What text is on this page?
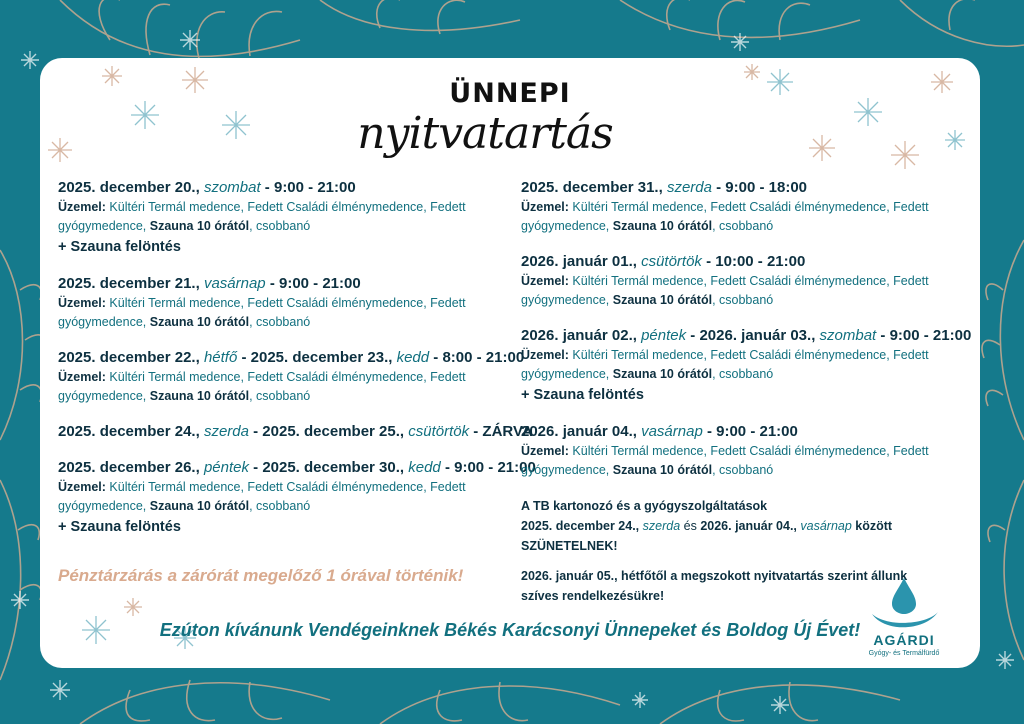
ÜNNEPI
nyitvatartás
2025. december 20., szombat - 9:00 - 21:00
Üzemel: Kültéri Termál medence, Fedett Családi élménymedence, Fedett gyógymedence, Szauna 10 órától, csobbanó
+ Szauna felöntés
2025. december 21., vasárnap - 9:00 - 21:00
Üzemel: Kültéri Termál medence, Fedett Családi élménymedence, Fedett gyógymedence, Szauna 10 órától, csobbanó
2025. december 22., hétfő - 2025. december 23., kedd - 8:00 - 21:00
Üzemel: Kültéri Termál medence, Fedett Családi élménymedence, Fedett gyógymedence, Szauna 10 órától, csobbanó
2025. december 24., szerda - 2025. december 25., csütörtök - ZÁRVA
2025. december 26., péntek - 2025. december 30., kedd - 9:00 - 21:00
Üzemel: Kültéri Termál medence, Fedett Családi élménymedence, Fedett gyógymedence, Szauna 10 órától, csobbanó
+ Szauna felöntés
Pénztárzárás a zárórát megelőző 1 órával történik!
2025. december 31., szerda - 9:00 - 18:00
Üzemel: Kültéri Termál medence, Fedett Családi élménymedence, Fedett gyógymedence, Szauna 10 órától, csobbanó
2026. január 01., csütörtök - 10:00 - 21:00
Üzemel: Kültéri Termál medence, Fedett Családi élménymedence, Fedett gyógymedence, Szauna 10 órától, csobbanó
2026. január 02., péntek - 2026. január 03., szombat - 9:00 - 21:00
Üzemel: Kültéri Termál medence, Fedett Családi élménymedence, Fedett gyógymedence, Szauna 10 órától, csobbanó
+ Szauna felöntés
2026. január 04., vasárnap - 9:00 - 21:00
Üzemel: Kültéri Termál medence, Fedett Családi élménymedence, Fedett gyógymedence, Szauna 10 órától, csobbanó
A TB kartonozó és a gyógyszolgáltatások
2025. december 24., szerda és 2026. január 04., vasárnap között SZÜNETELNEK!
2026. január 05., hétfőtől a megszokott nyitvatartás szerint állunk szíves rendelkezésükre!
Ezúton kívánunk Vendégeinknek Békés Karácsonyi Ünnepeket és Boldog Új Évet! AGÁRDI
Gyógy- és Termálfürdő
